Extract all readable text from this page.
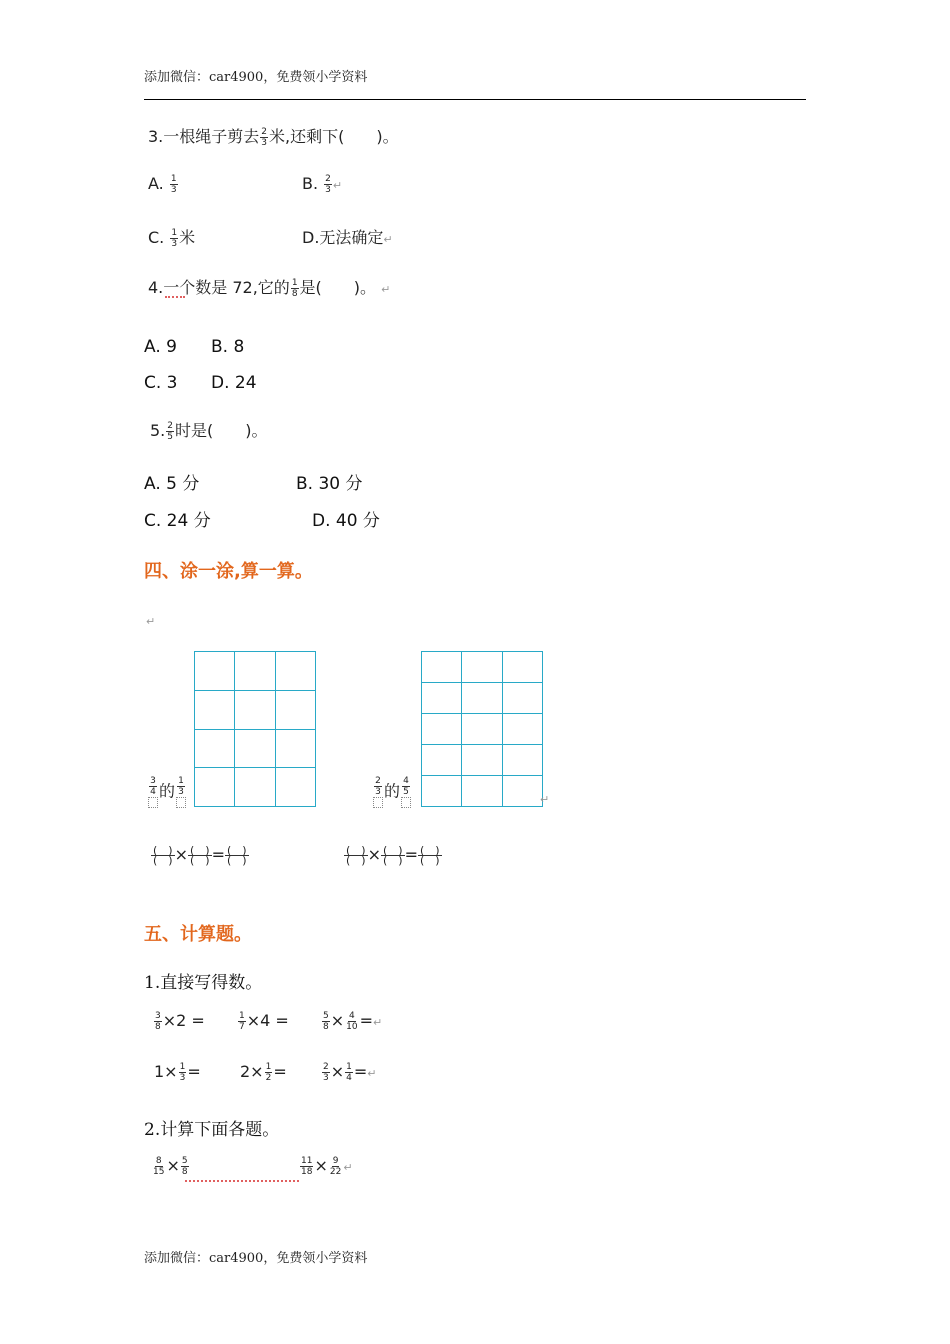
添加微信：car4900，免费领小学资料
3.一根绳子剪去 $\frac{2}{3}$ 米,还剩下(　　)。
A. $\frac{1}{3}$	B. $\frac{2}{3}$ ↵
C. $\frac{1}{3}$ 米	D.无法确定↵
4.一个数是 72,它的 $\frac{1}{8}$ 是(　　)。 ↵
A. 9 B. 8
C. 3 D. 24
5. $\frac{2}{5}$ 时是(　　)。
A. 5 分	B. 30 分
C. 24 分	D. 40 分
四、涂一涂,算一算。
↵

$\frac{3}{4}$ 的 $\frac{1}{3}$

			↵
$\frac{2}{3}$ 的 $\frac{4}{5}$
$\frac{( )}{( )} \times \frac{( )}{( )} = \frac{( )}{( )}$	$\frac{( )}{( )} \times \frac{( )}{( )} = \frac{( )}{( )}$
五、计算题。
1.直接写得数。
$\frac{3}{8} \times 2$ =	$\frac{1}{7} \times 4$ =	$\frac{5}{8} \times \frac{4}{10}$ =↵
$1\times \frac{1}{3} = 2\times \frac{1}{2}$ =	$\frac{2}{3} \times \frac{1}{4}$ =↵
2.计算下面各题。
$\frac{8}{15} \times \frac{5}{8}$	$\frac{11}{18} \times \frac{9}{22}$ ↵
添加微信：car4900，免费领小学资料
